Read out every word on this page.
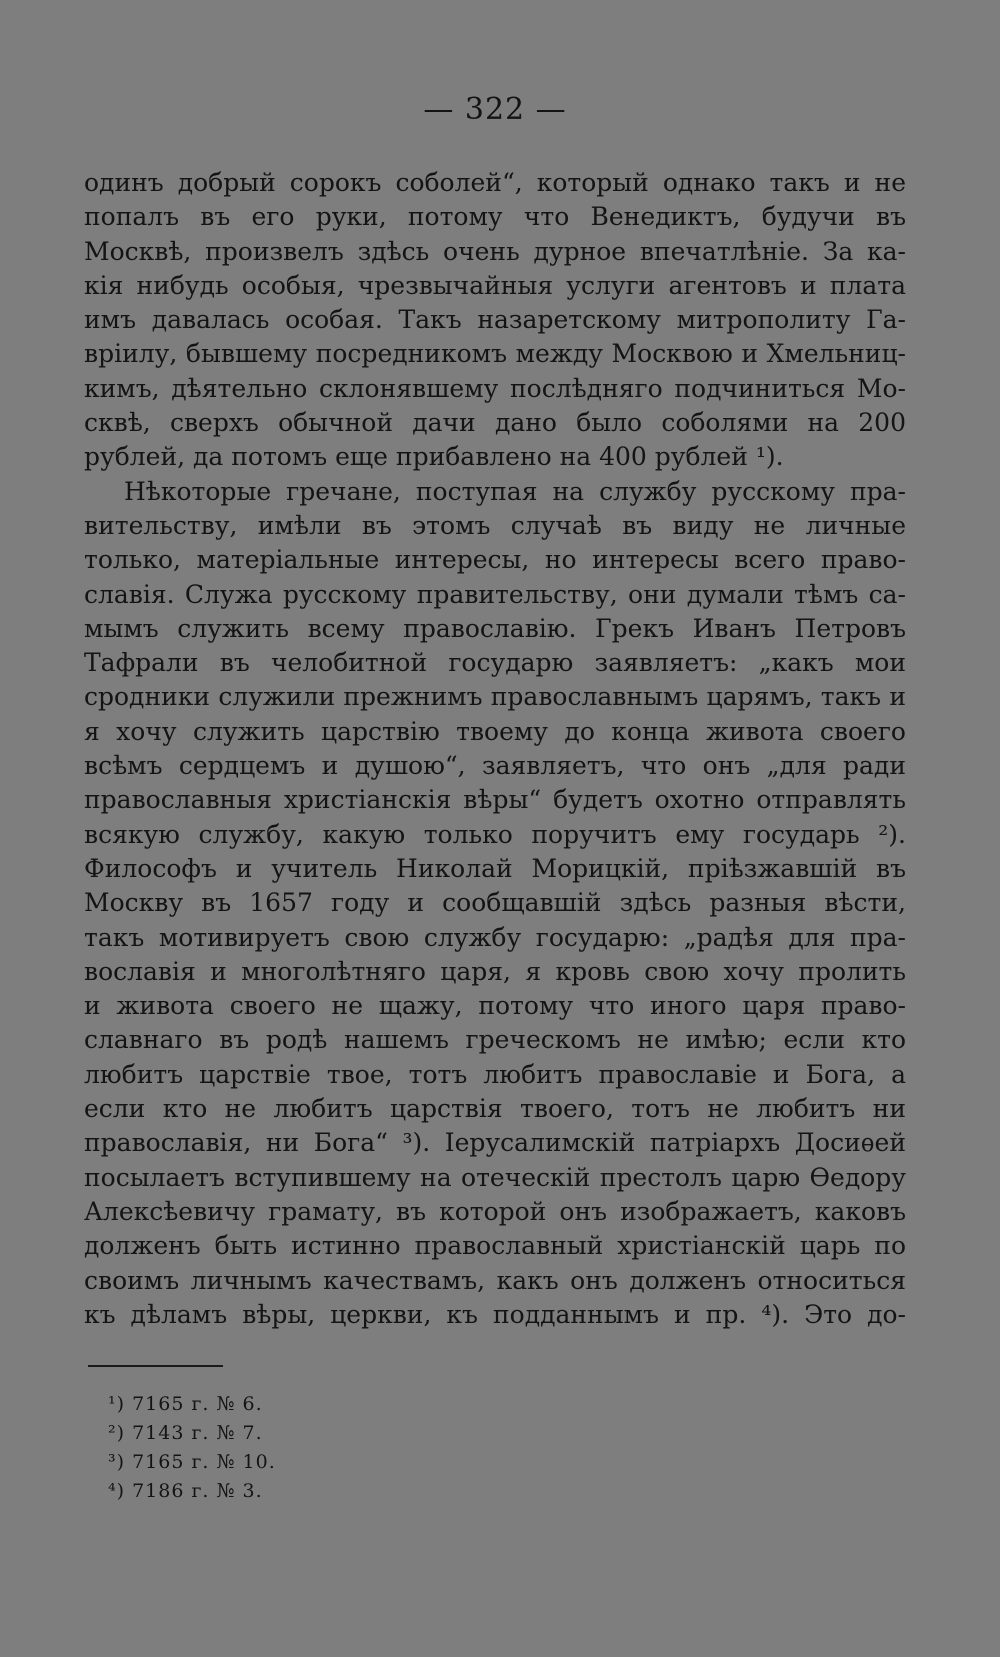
— 322 —
одинъ добрый сорокъ соболей“, который однако такъ и не
попалъ въ его руки, потому что Венедиктъ, будучи въ
Москвѣ, произвелъ здѣсь очень дурное впечатлѣніе. За ка-
кія нибудь особыя, чрезвычайныя услуги агентовъ и плата
имъ давалась особая. Такъ назаретскому митрополиту Га-
вріилу, бывшему посредникомъ между Москвою и Хмельниц-
кимъ, дѣятельно склонявшему послѣдняго подчиниться Мо-
сквѣ, сверхъ обычной дачи дано было соболями на 200
рублей, да потомъ еще прибавлено на 400 рублей ¹).
Нѣкоторые гречане, поступая на службу русскому пра-
вительству, имѣли въ этомъ случаѣ въ виду не личные
только, матеріальные интересы, но интересы всего право-
славія. Служа русскому правительству, они думали тѣмъ са-
мымъ служить всему православію. Грекъ Иванъ Петровъ
Тафрали въ челобитной государю заявляетъ: „какъ мои
сродники служили прежнимъ православнымъ царямъ, такъ и
я хочу служить царствію твоему до конца живота своего
всѣмъ сердцемъ и душою“, заявляетъ, что онъ „для ради
православныя христіанскія вѣры“ будетъ охотно отправлять
всякую службу, какую только поручитъ ему государь ²).
Философъ и учитель Николай Морицкій, пріѣзжавшій въ
Москву въ 1657 году и сообщавшій здѣсь разныя вѣсти,
такъ мотивируетъ свою службу государю: „радѣя для пра-
вославія и многолѣтняго царя, я кровь свою хочу пролить
и живота своего не щажу, потому что иного царя право-
славнаго въ родѣ нашемъ греческомъ не имѣю; если кто
любитъ царствіе твое, тотъ любитъ православіе и Бога, а
если кто не любитъ царствія твоего, тотъ не любитъ ни
православія, ни Бога“ ³). Іерусалимскій патріархъ Досиѳей
посылаетъ вступившему на отеческій престолъ царю Ѳедору
Алексѣевичу грамату, въ которой онъ изображаетъ, каковъ
долженъ быть истинно православный христіанскій царь по
своимъ личнымъ качествамъ, какъ онъ долженъ относиться
къ дѣламъ вѣры, церкви, къ подданнымъ и пр. ⁴). Это до-
¹) 7165 г. № 6.
²) 7143 г. № 7.
³) 7165 г. № 10.
⁴) 7186 г. № 3.
